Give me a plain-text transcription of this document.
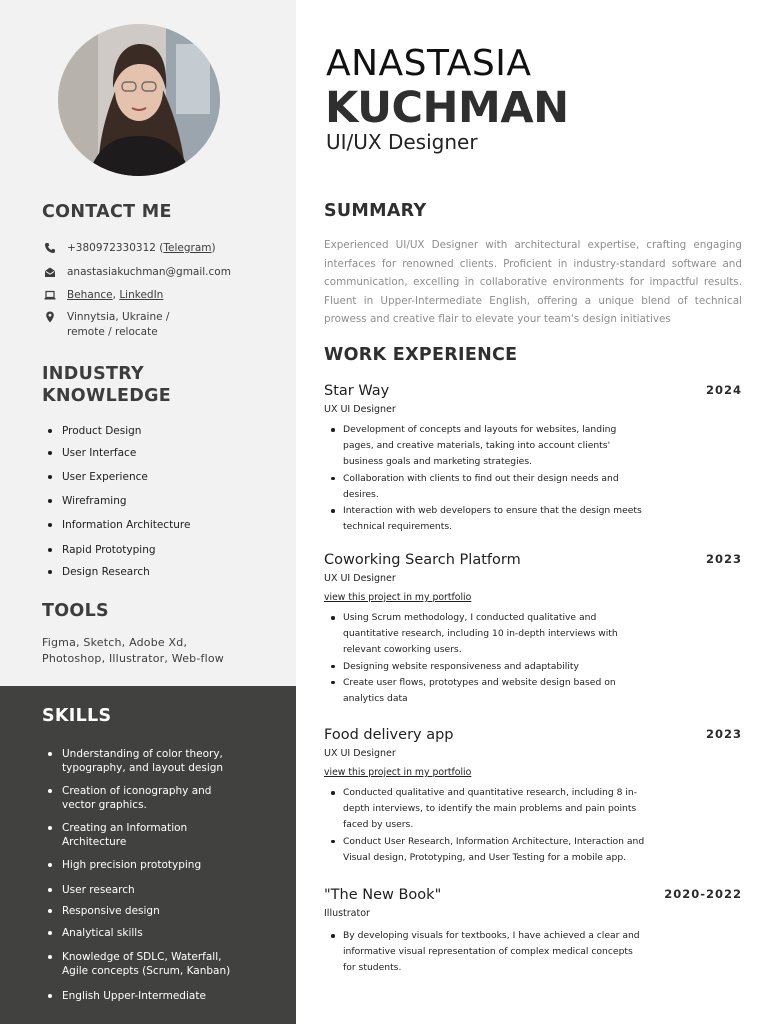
CONTACT ME
+380972330312 (Telegram)
anastasiakuchman@gmail.com
Behance, LinkedIn
Vinnytsia, Ukraine /
remote / relocate
INDUSTRY
KNOWLEDGE
Product Design
User Interface
User Experience
Wireframing
Information Architecture
Rapid Prototyping
Design Research
TOOLS
Figma, Sketch, Adobe Xd,
Photoshop, Illustrator, Web-flow
SKILLS
Understanding of color theory,
typography, and layout design
Creation of iconography and
vector graphics.
Creating an Information
Architecture
High precision prototyping
User research
Responsive design
Analytical skills
Knowledge of SDLC, Waterfall,
Agile concepts (Scrum, Kanban)
English Upper-Intermediate
ANASTASIA
KUCHMAN
UI/UX Designer
SUMMARY

Experienced UI/UX Designer with architectural expertise, crafting engaging interfaces for renowned clients. Proficient in industry-standard software and communication, excelling in collaborative environments for impactful results. Fluent in Upper-Intermediate English, offering a unique blend of technical prowess and creative flair to elevate your team's design initiatives

WORK EXPERIENCE
Star Way	2024
UX UI Designer
Development of concepts and layouts for websites, landing pages, and creative materials, taking into account clients' business goals and marketing strategies.
Collaboration with clients to find out their design needs and desires.
Interaction with web developers to ensure that the design meets technical requirements.
Coworking Search Platform	2023
UX UI Designer
view this project in my portfolio
Using Scrum methodology, I conducted qualitative and quantitative research, including 10 in-depth interviews with relevant coworking users.
Designing website responsiveness and adaptability
Create user flows, prototypes and website design based on analytics data
Food delivery app	2023
UX UI Designer
view this project in my portfolio
Conducted qualitative and quantitative research, including 8 in-depth interviews, to identify the main problems and pain points faced by users.
Conduct User Research, Information Architecture, Interaction and Visual design, Prototyping, and User Testing for a mobile app.
"The New Book"	2020-2022
Illustrator
By developing visuals for textbooks, I have achieved a clear and informative visual representation of complex medical concepts for students.
